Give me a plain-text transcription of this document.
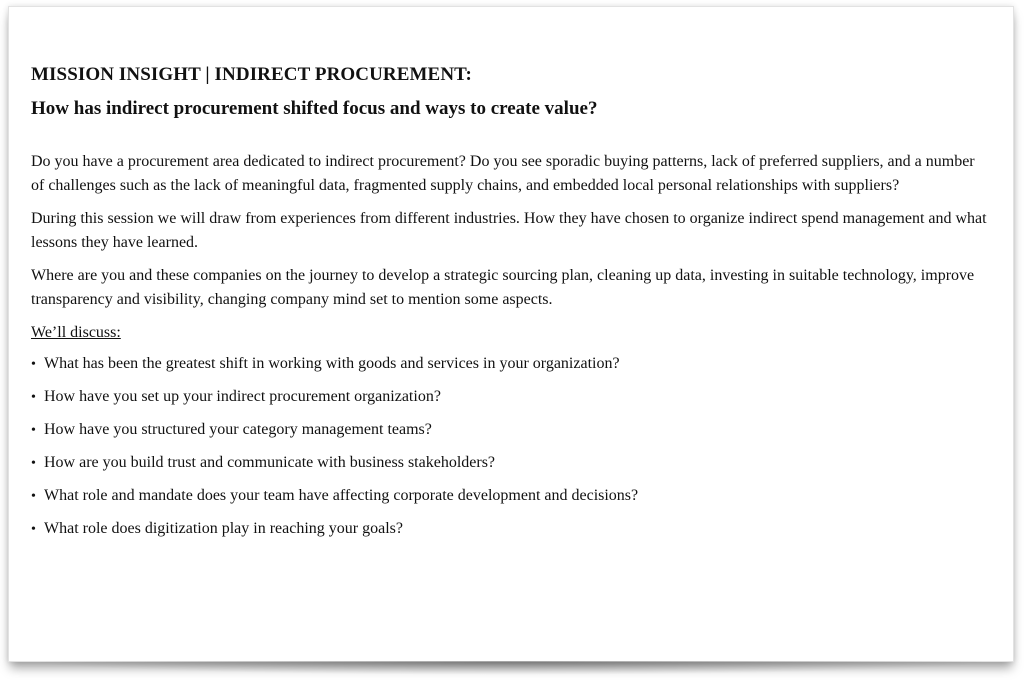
MISSION INSIGHT | INDIRECT PROCUREMENT:
How has indirect procurement shifted focus and ways to create value?

Do you have a procurement area dedicated to indirect procurement? Do you see sporadic buying patterns, lack of preferred suppliers, and a number of challenges such as the lack of meaningful data, fragmented supply chains, and embedded local personal relationships with suppliers?

During this session we will draw from experiences from different industries. How they have chosen to organize indirect spend management and what lessons they have learned.

Where are you and these companies on the journey to develop a strategic sourcing plan, cleaning up data, investing in suitable technology, improve transparency and visibility, changing company mind set to mention some aspects.

We’ll discuss:
• What has been the greatest shift in working with goods and services in your organization?
• How have you set up your indirect procurement organization?
• How have you structured your category management teams?
• How are you build trust and communicate with business stakeholders?
• What role and mandate does your team have affecting corporate development and decisions?
• What role does digitization play in reaching your goals?
